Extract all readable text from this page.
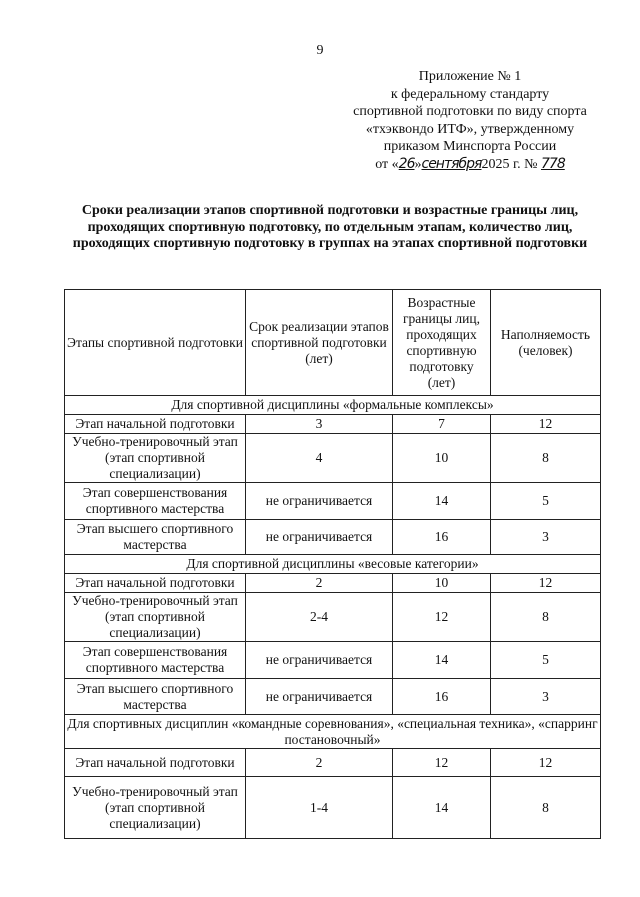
9
Приложение № 1
к федеральному стандарту
спортивной подготовки по виду спорта
«тхэквондо ИТФ», утвержденному
приказом Минспорта России
от «26»сентября2025 г. № 778
Сроки реализации этапов спортивной подготовки и возрастные границы лиц, проходящих спортивную подготовку, по отдельным этапам, количество лиц, проходящих спортивную подготовку в группах на этапах спортивной подготовки
Этапы спортивной подготовки	Срок реализации этапов спортивной подготовки (лет)	Возрастные границы лиц, проходящих спортивную подготовку (лет)	Наполняемость (человек)
Для спортивной дисциплины «формальные комплексы»			
Этап начальной подготовки	3	7	12
Учебно-тренировочный этап (этап спортивной специализации)	4	10	8
Этап совершенствования спортивного мастерства	не ограничивается	14	5
Этап высшего спортивного мастерства	не ограничивается	16	3
Для спортивной дисциплины «весовые категории»			
Этап начальной подготовки	2	10	12
Учебно-тренировочный этап (этап спортивной специализации)	2-4	12	8
Этап совершенствования спортивного мастерства	не ограничивается	14	5
Этап высшего спортивного мастерства	не ограничивается	16	3
Для спортивных дисциплин «командные соревнования», «специальная техника», «спарринг постановочный»			
Этап начальной подготовки	2	12	12
Учебно-тренировочный этап (этап спортивной специализации)	1-4	14	8
